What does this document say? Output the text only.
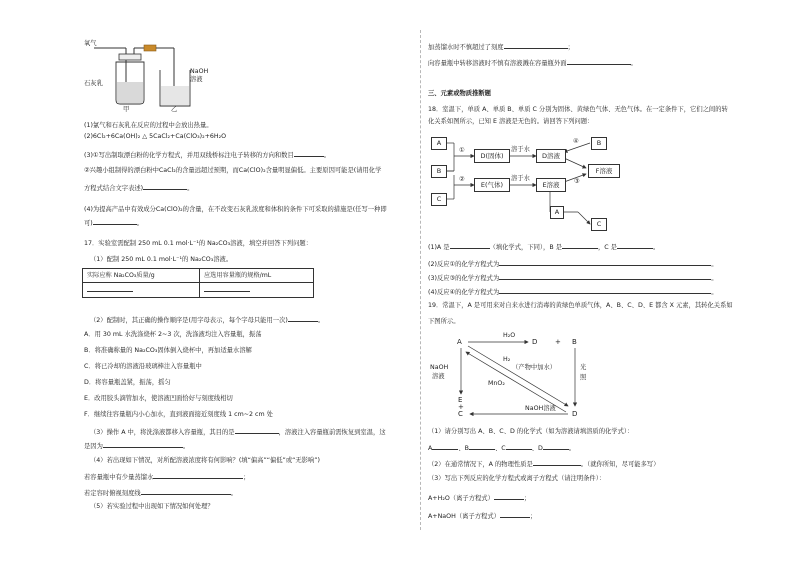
氧气
石灰乳
NaOH
溶液
甲	乙
(1)氯气和石灰乳在反应的过程中会放出热量。
(2)6Cl₂+6Ca(OH)₂ △ 5CaCl₂+Ca(ClO₃)₂+6H₂O
(3)①写出制取漂白粉的化学方程式，并用双线桥标注电子转移的方向和数目	。
②兴趣小组制得的漂白粉中CaCl₂的含量远超过预期，而Ca(ClO)₂含量明显偏低。主要原因可能是(请用化学
方程式结合文字表述)	。
(4)为提高产品中有效成分Ca(ClO)₂的含量，在不改变石灰乳浓度和体积的条件下可采取的措施是(任写一种即
可)	。
17．实验室需配制 250 mL 0.1 mol·L⁻¹的 Na₂CO₃溶液，填空并回答下列问题：
（1）配制 250 mL 0.1 mol·L⁻¹的 Na₂CO₃溶液。
实际应称 Na₂CO₃质量/g	应选用容量瓶的规格/mL

（2）配制时，其正确的操作顺序是(用字母表示，每个字母只能用一次)	。
A．用 30 mL 水洗涤烧杯 2~3 次，洗涤液均注入容量瓶，振荡
B．将准确称量的 Na₂CO₃固体倒入烧杯中，再加适量水溶解
C．将已冷却的溶液沿玻璃棒注入容量瓶中
D．将容量瓶盖紧，振荡，摇匀
E．改用胶头滴管加水，使溶液凹面恰好与刻度线相切
F．继续往容量瓶内小心加水，直到液面接近刻度线 1 cm~2 cm 处
（3）操作 A 中，将洗涤液都移入容量瓶，其目的是	，溶液注入容量瓶前需恢复到室温，这
是因为	。
（4）若出现如下情况，对所配溶液浓度将有何影响？(填“偏高”“偏低”或“无影响”)
若容量瓶中有少量蒸馏水	；
若定容时俯视刻度线	。
（5）若实验过程中出现如下情况如何处理？
加蒸馏水时不慎超过了刻度	；
向容量瓶中转移溶液时不慎有溶液溅在容量瓶外面	。
三、元素或物质推断题
18．室温下，单质 A、单质 B、单质 C 分别为固体、黄绿色气体、无色气体。在一定条件下，它们之间的转
化关系如图所示，已知 E 溶液是无色的。请回答下列问题：
A
B
C
①
②
D(固体)
E(气体)
溶于水
溶于水
D溶液
E溶液
④
③
B
F溶液
A
C
(1)A 是	（填化学式，下同），B 是	，C 是	。
(2)反应①的化学方程式为	。
(3)反应③的化学方程式为	。
(4)反应④的化学方程式为	。
19．常温下，A 是可用来对自来水进行消毒的黄绿色单质气体，A、B、C、D、E 都含 X 元素，其转化关系如
下图所示。
A
H₂O
D	+ B
H₂
（产物中加水）
MnO₂
NaOH
溶液
光
照
E
+
C
NaOH溶液
D
（1）请分别写出 A、B、C、D 的化学式（如为溶液请填溶质的化学式）：
A	、B	、C	、D	。
（2）在通常情况下，A 的物理性质是	。（就你所知，尽可能多写）
（3）写出下列反应的化学方程式或离子方程式（请注明条件）：
A+H₂O（离子方程式）	；
A+NaOH（离子方程式）	；
